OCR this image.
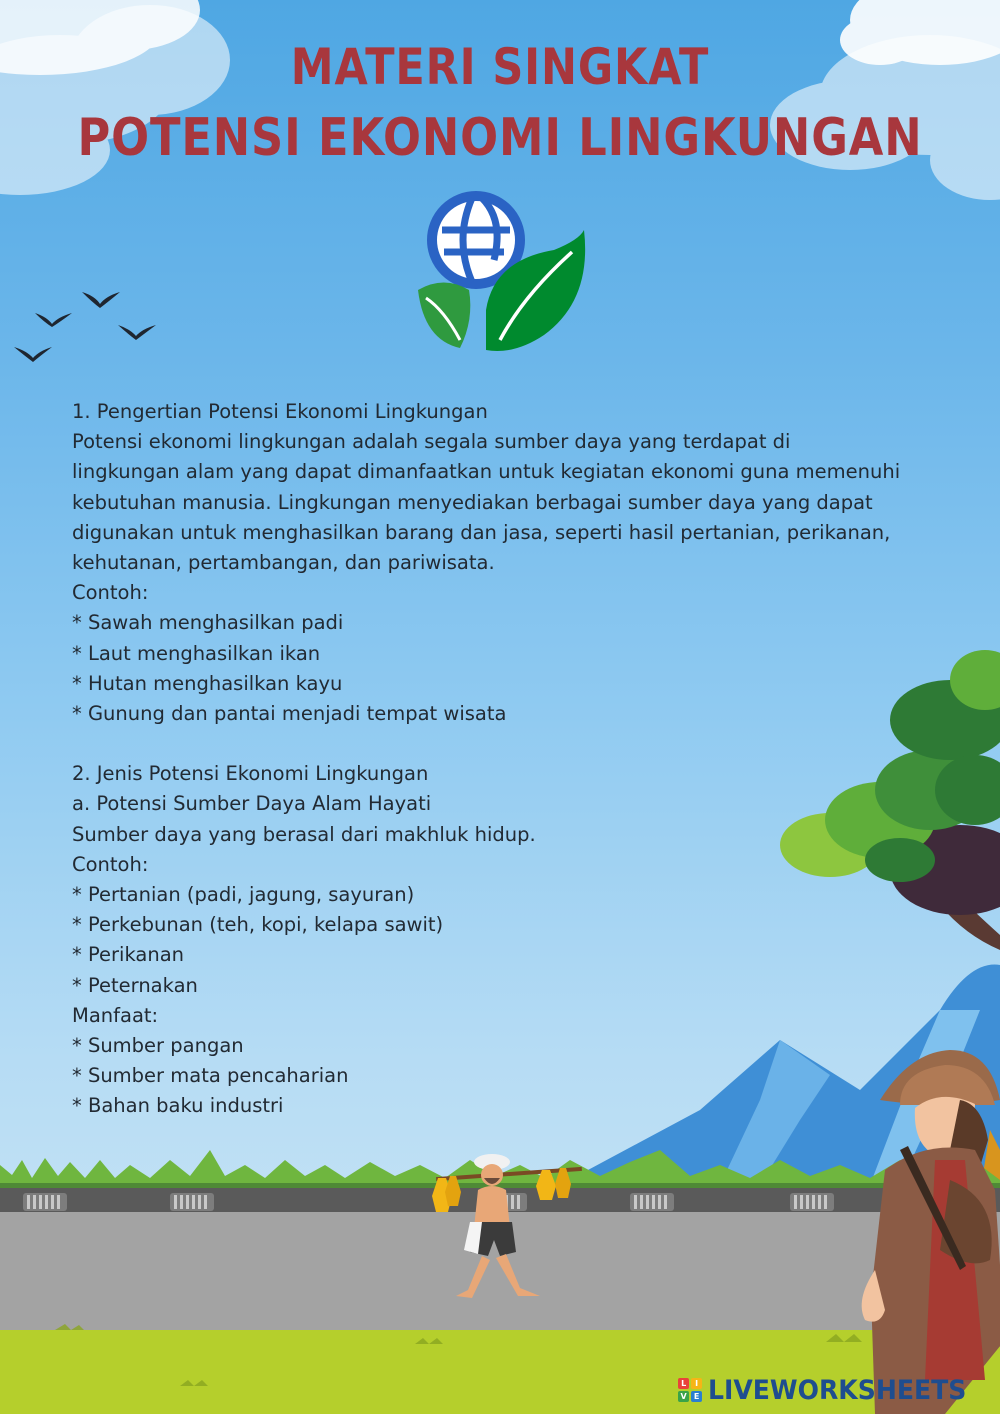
MATERI SINGKAT
POTENSI EKONOMI LINGKUNGAN
1. Pengertian Potensi Ekonomi Lingkungan
Potensi ekonomi lingkungan adalah segala sumber daya yang terdapat di
lingkungan alam yang dapat dimanfaatkan untuk kegiatan ekonomi guna memenuhi
kebutuhan manusia. Lingkungan menyediakan berbagai sumber daya yang dapat
digunakan untuk menghasilkan barang dan jasa, seperti hasil pertanian, perikanan,
kehutanan, pertambangan, dan pariwisata.
Contoh:
* Sawah menghasilkan padi
* Laut menghasilkan ikan
* Hutan menghasilkan kayu
* Gunung dan pantai menjadi tempat wisata
2. Jenis Potensi Ekonomi Lingkungan
a. Potensi Sumber Daya Alam Hayati
Sumber daya yang berasal dari makhluk hidup.
Contoh:
* Pertanian (padi, jagung, sayuran)
* Perkebunan (teh, kopi, kelapa sawit)
* Perikanan
* Peternakan
Manfaat:
* Sumber pangan
* Sumber mata pencaharian
* Bahan baku industri
L	I
V E LIVEWORKSHEETS
